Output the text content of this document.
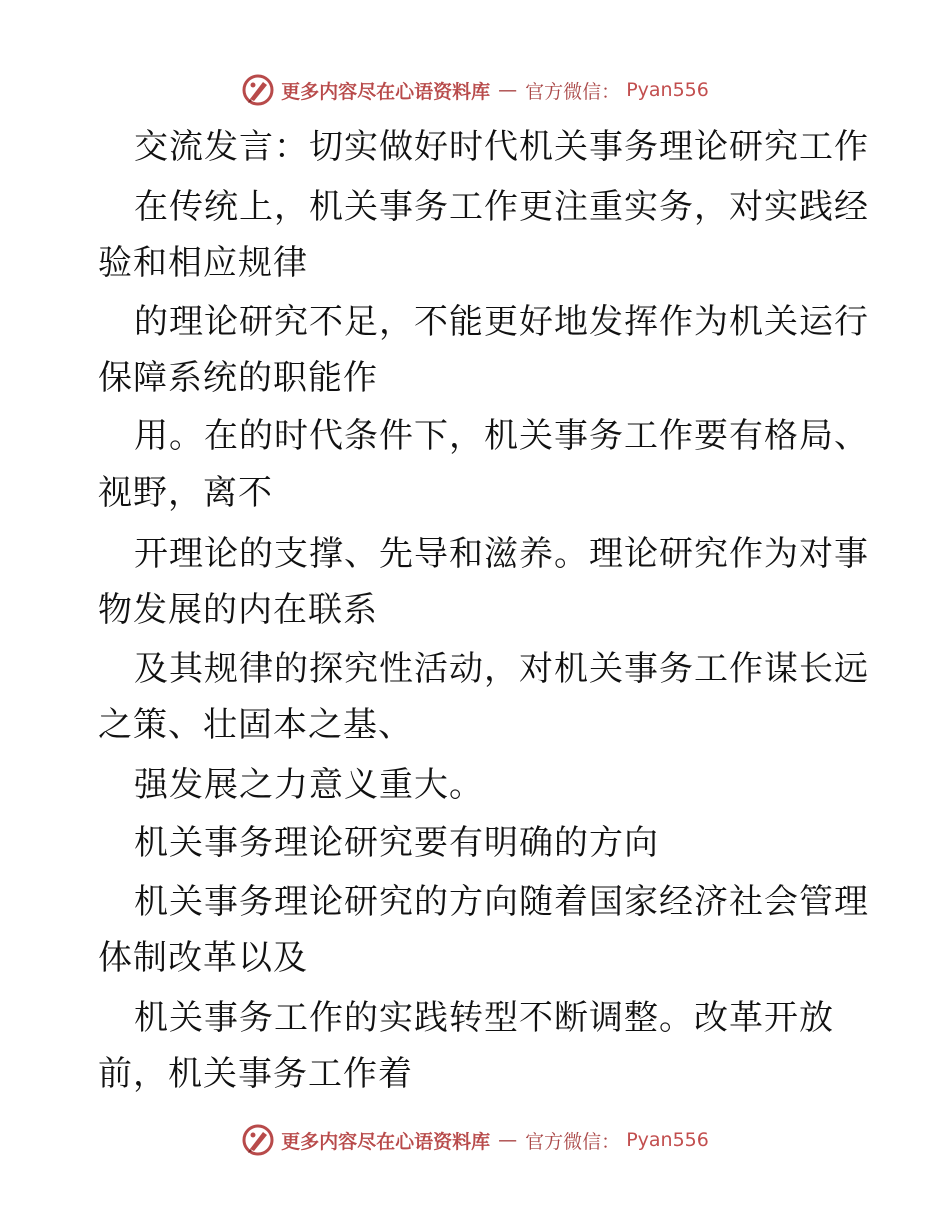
更多内容尽在心语资料库 — 官方微信： Pyan556
交流发言：切实做好时代机关事务理论研究工作
在传统上，机关事务工作更注重实务，对实践经
验和相应规律
的理论研究不足，不能更好地发挥作为机关运行
保障系统的职能作
用。在的时代条件下，机关事务工作要有格局、
视野，离不
开理论的支撑、先导和滋养。理论研究作为对事
物发展的内在联系
及其规律的探究性活动，对机关事务工作谋长远
之策、壮固本之基、
强发展之力意义重大。
机关事务理论研究要有明确的方向
机关事务理论研究的方向随着国家经济社会管理
体制改革以及
机关事务工作的实践转型不断调整。改革开放
前，机关事务工作着
更多内容尽在心语资料库 — 官方微信： Pyan556
